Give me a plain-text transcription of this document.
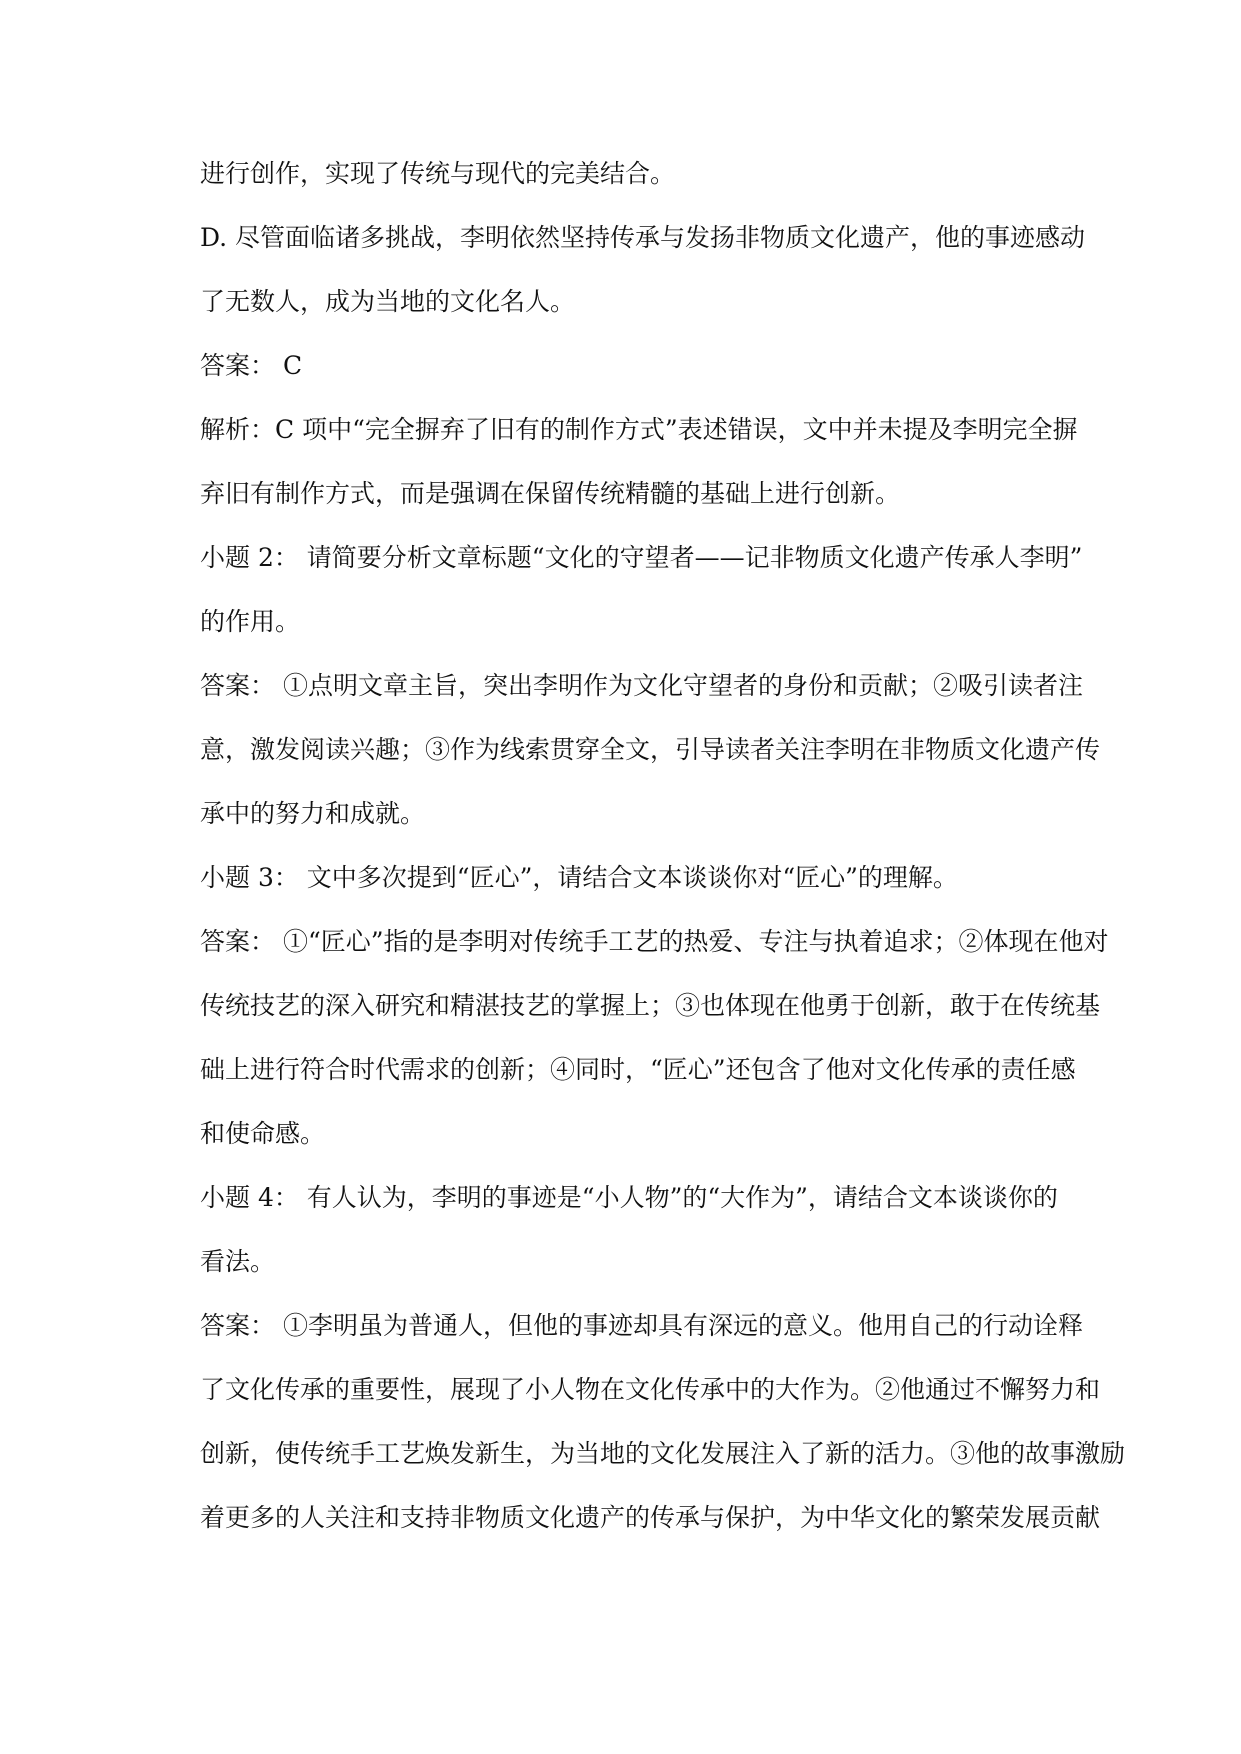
进行创作，实现了传统与现代的完美结合。

D. 尽管面临诸多挑战，李明依然坚持传承与发扬非物质文化遗产，他的事迹感动

了无数人，成为当地的文化名人。

答案： C

解析：C 项中“完全摒弃了旧有的制作方式”表述错误，文中并未提及李明完全摒

弃旧有制作方式，而是强调在保留传统精髓的基础上进行创新。

小题 2： 请简要分析文章标题“文化的守望者——记非物质文化遗产传承人李明”

的作用。

答案： ①点明文章主旨，突出李明作为文化守望者的身份和贡献；②吸引读者注

意，激发阅读兴趣；③作为线索贯穿全文，引导读者关注李明在非物质文化遗产传

承中的努力和成就。

小题 3： 文中多次提到“匠心”，请结合文本谈谈你对“匠心”的理解。

答案： ①“匠心”指的是李明对传统手工艺的热爱、专注与执着追求；②体现在他对

传统技艺的深入研究和精湛技艺的掌握上；③也体现在他勇于创新，敢于在传统基

础上进行符合时代需求的创新；④同时，“匠心”还包含了他对文化传承的责任感

和使命感。

小题 4： 有人认为，李明的事迹是“小人物”的“大作为”，请结合文本谈谈你的

看法。

答案： ①李明虽为普通人，但他的事迹却具有深远的意义。他用自己的行动诠释

了文化传承的重要性，展现了小人物在文化传承中的大作为。②他通过不懈努力和

创新，使传统手工艺焕发新生，为当地的文化发展注入了新的活力。③他的故事激励

着更多的人关注和支持非物质文化遗产的传承与保护，为中华文化的繁荣发展贡献
